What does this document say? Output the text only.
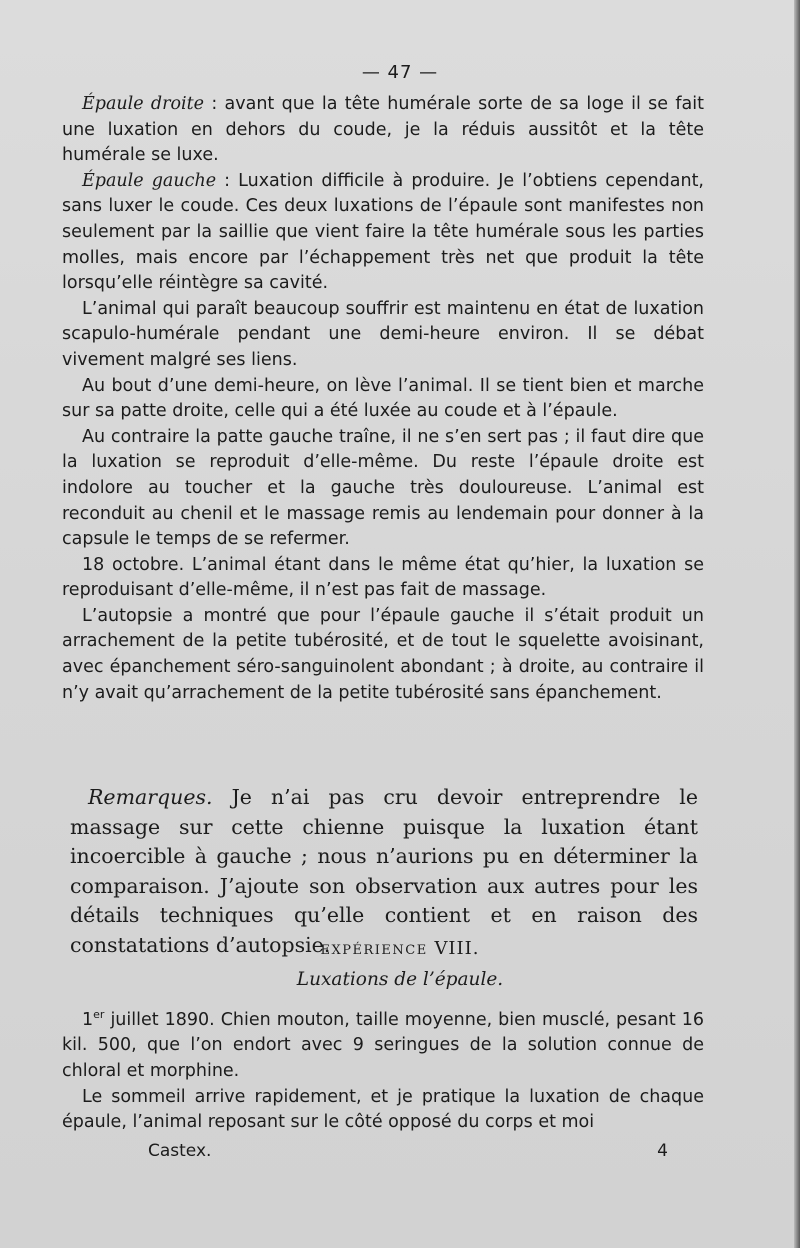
— 47 —

Épaule droite : avant que la tête humérale sorte de sa loge il se fait une luxation en dehors du coude, je la réduis aussitôt et la tête humérale se luxe.

Épaule gauche : Luxation difficile à produire. Je l’obtiens cependant, sans luxer le coude. Ces deux luxations de l’épaule sont manifestes non seulement par la saillie que vient faire la tête humérale sous les parties molles, mais encore par l’échappement très net que produit la tête lorsqu’elle réintègre sa cavité.

L’animal qui paraît beaucoup souffrir est maintenu en état de luxation scapulo-humérale pendant une demi-heure environ. Il se débat vivement malgré ses liens.

Au bout d’une demi-heure, on lève l’animal. Il se tient bien et marche sur sa patte droite, celle qui a été luxée au coude et à l’épaule.

Au contraire la patte gauche traîne, il ne s’en sert pas ; il faut dire que la luxation se reproduit d’elle-même. Du reste l’épaule droite est indolore au toucher et la gauche très douloureuse. L’animal est reconduit au chenil et le massage remis au lendemain pour donner à la capsule le temps de se refermer.

18 octobre. L’animal étant dans le même état qu’hier, la luxation se reproduisant d’elle-même, il n’est pas fait de massage.

L’autopsie a montré que pour l’épaule gauche il s’était produit un arrachement de la petite tubérosité, et de tout le squelette avoisinant, avec épanchement séro-sanguinolent abondant ; à droite, au contraire il n’y avait qu’arrachement de la petite tubérosité sans épanchement.

Remarques. Je n’ai pas cru devoir entreprendre le massage sur cette chienne puisque la luxation étant incoercible à gauche ; nous n’aurions pu en déterminer la comparaison. J’ajoute son observation aux autres pour les détails techniques qu’elle contient et en raison des constatations d’autopsie.

EXPÉRIENCE VIII.
Luxations de l’épaule.

1er juillet 1890. Chien mouton, taille moyenne, bien musclé, pesant 16 kil. 500, que l’on endort avec 9 seringues de la solution connue de chloral et morphine.

Le sommeil arrive rapidement, et je pratique la luxation de chaque épaule, l’animal reposant sur le côté opposé du corps et moi

Castex.	4
